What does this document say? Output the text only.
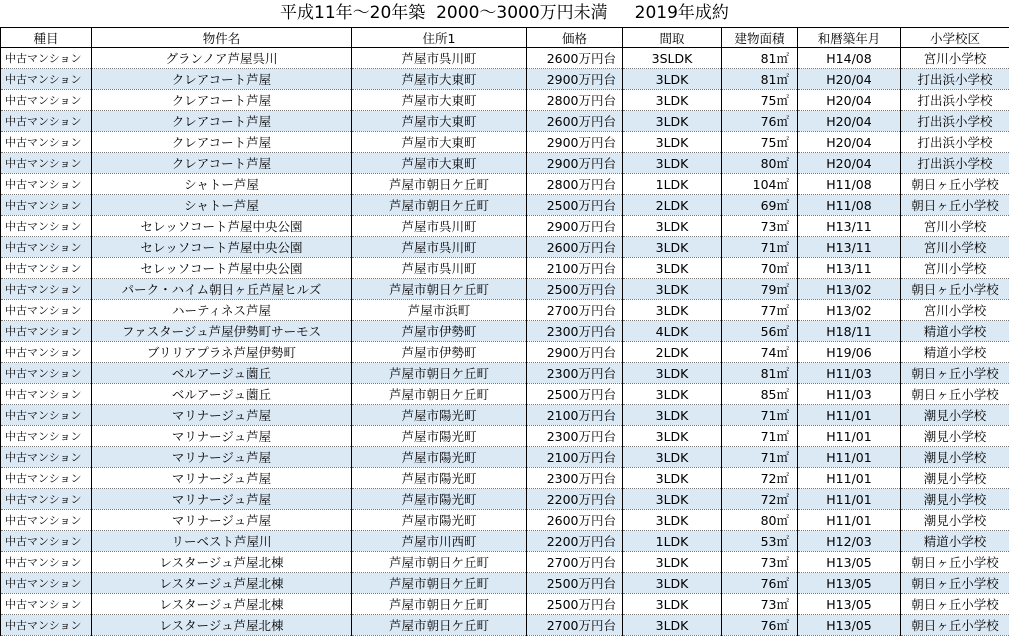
平成11年～20年築  2000～3000万円未満     2019年成約
種目	物件名	住所1	価格	間取	建物面積	和暦築年月	小学校区
中古マンション	グランノア芦屋呉川	芦屋市呉川町	2600万円台	3SLDK	81㎡	H14/08	宮川小学校
中古マンション	クレアコート芦屋	芦屋市大東町	2900万円台	3LDK	81㎡	H20/04	打出浜小学校
中古マンション	クレアコート芦屋	芦屋市大東町	2800万円台	3LDK	75㎡	H20/04	打出浜小学校
中古マンション	クレアコート芦屋	芦屋市大東町	2600万円台	3LDK	76㎡	H20/04	打出浜小学校
中古マンション	クレアコート芦屋	芦屋市大東町	2900万円台	3LDK	75㎡	H20/04	打出浜小学校
中古マンション	クレアコート芦屋	芦屋市大東町	2900万円台	3LDK	80㎡	H20/04	打出浜小学校
中古マンション	シャトー芦屋	芦屋市朝日ケ丘町	2800万円台	1LDK	104㎡	H11/08	朝日ヶ丘小学校
中古マンション	シャトー芦屋	芦屋市朝日ケ丘町	2500万円台	2LDK	69㎡	H11/08	朝日ヶ丘小学校
中古マンション	セレッソコート芦屋中央公園	芦屋市呉川町	2900万円台	3LDK	73㎡	H13/11	宮川小学校
中古マンション	セレッソコート芦屋中央公園	芦屋市呉川町	2600万円台	3LDK	71㎡	H13/11	宮川小学校
中古マンション	セレッソコート芦屋中央公園	芦屋市呉川町	2100万円台	3LDK	70㎡	H13/11	宮川小学校
中古マンション	パーク・ハイム朝日ヶ丘芦屋ヒルズ	芦屋市朝日ケ丘町	2500万円台	3LDK	79㎡	H13/02	朝日ヶ丘小学校
中古マンション	ハーティネス芦屋	芦屋市浜町	2700万円台	3LDK	77㎡	H13/02	宮川小学校
中古マンション	ファスタージュ芦屋伊勢町サーモス	芦屋市伊勢町	2300万円台	4LDK	56㎡	H18/11	精道小学校
中古マンション	ブリリアプラネ芦屋伊勢町	芦屋市伊勢町	2900万円台	2LDK	74㎡	H19/06	精道小学校
中古マンション	ベルアージュ薗丘	芦屋市朝日ケ丘町	2300万円台	3LDK	81㎡	H11/03	朝日ヶ丘小学校
中古マンション	ベルアージュ薗丘	芦屋市朝日ケ丘町	2500万円台	3LDK	85㎡	H11/03	朝日ヶ丘小学校
中古マンション	マリナージュ芦屋	芦屋市陽光町	2100万円台	3LDK	71㎡	H11/01	潮見小学校
中古マンション	マリナージュ芦屋	芦屋市陽光町	2300万円台	3LDK	71㎡	H11/01	潮見小学校
中古マンション	マリナージュ芦屋	芦屋市陽光町	2100万円台	3LDK	71㎡	H11/01	潮見小学校
中古マンション	マリナージュ芦屋	芦屋市陽光町	2300万円台	3LDK	72㎡	H11/01	潮見小学校
中古マンション	マリナージュ芦屋	芦屋市陽光町	2200万円台	3LDK	72㎡	H11/01	潮見小学校
中古マンション	マリナージュ芦屋	芦屋市陽光町	2600万円台	3LDK	80㎡	H11/01	潮見小学校
中古マンション	リーベスト芦屋川	芦屋市川西町	2200万円台	1LDK	53㎡	H12/03	精道小学校
中古マンション	レスタージュ芦屋北棟	芦屋市朝日ケ丘町	2700万円台	3LDK	73㎡	H13/05	朝日ヶ丘小学校
中古マンション	レスタージュ芦屋北棟	芦屋市朝日ケ丘町	2500万円台	3LDK	76㎡	H13/05	朝日ヶ丘小学校
中古マンション	レスタージュ芦屋北棟	芦屋市朝日ケ丘町	2500万円台	3LDK	73㎡	H13/05	朝日ヶ丘小学校
中古マンション	レスタージュ芦屋北棟	芦屋市朝日ケ丘町	2700万円台	3LDK	76㎡	H13/05	朝日ヶ丘小学校
